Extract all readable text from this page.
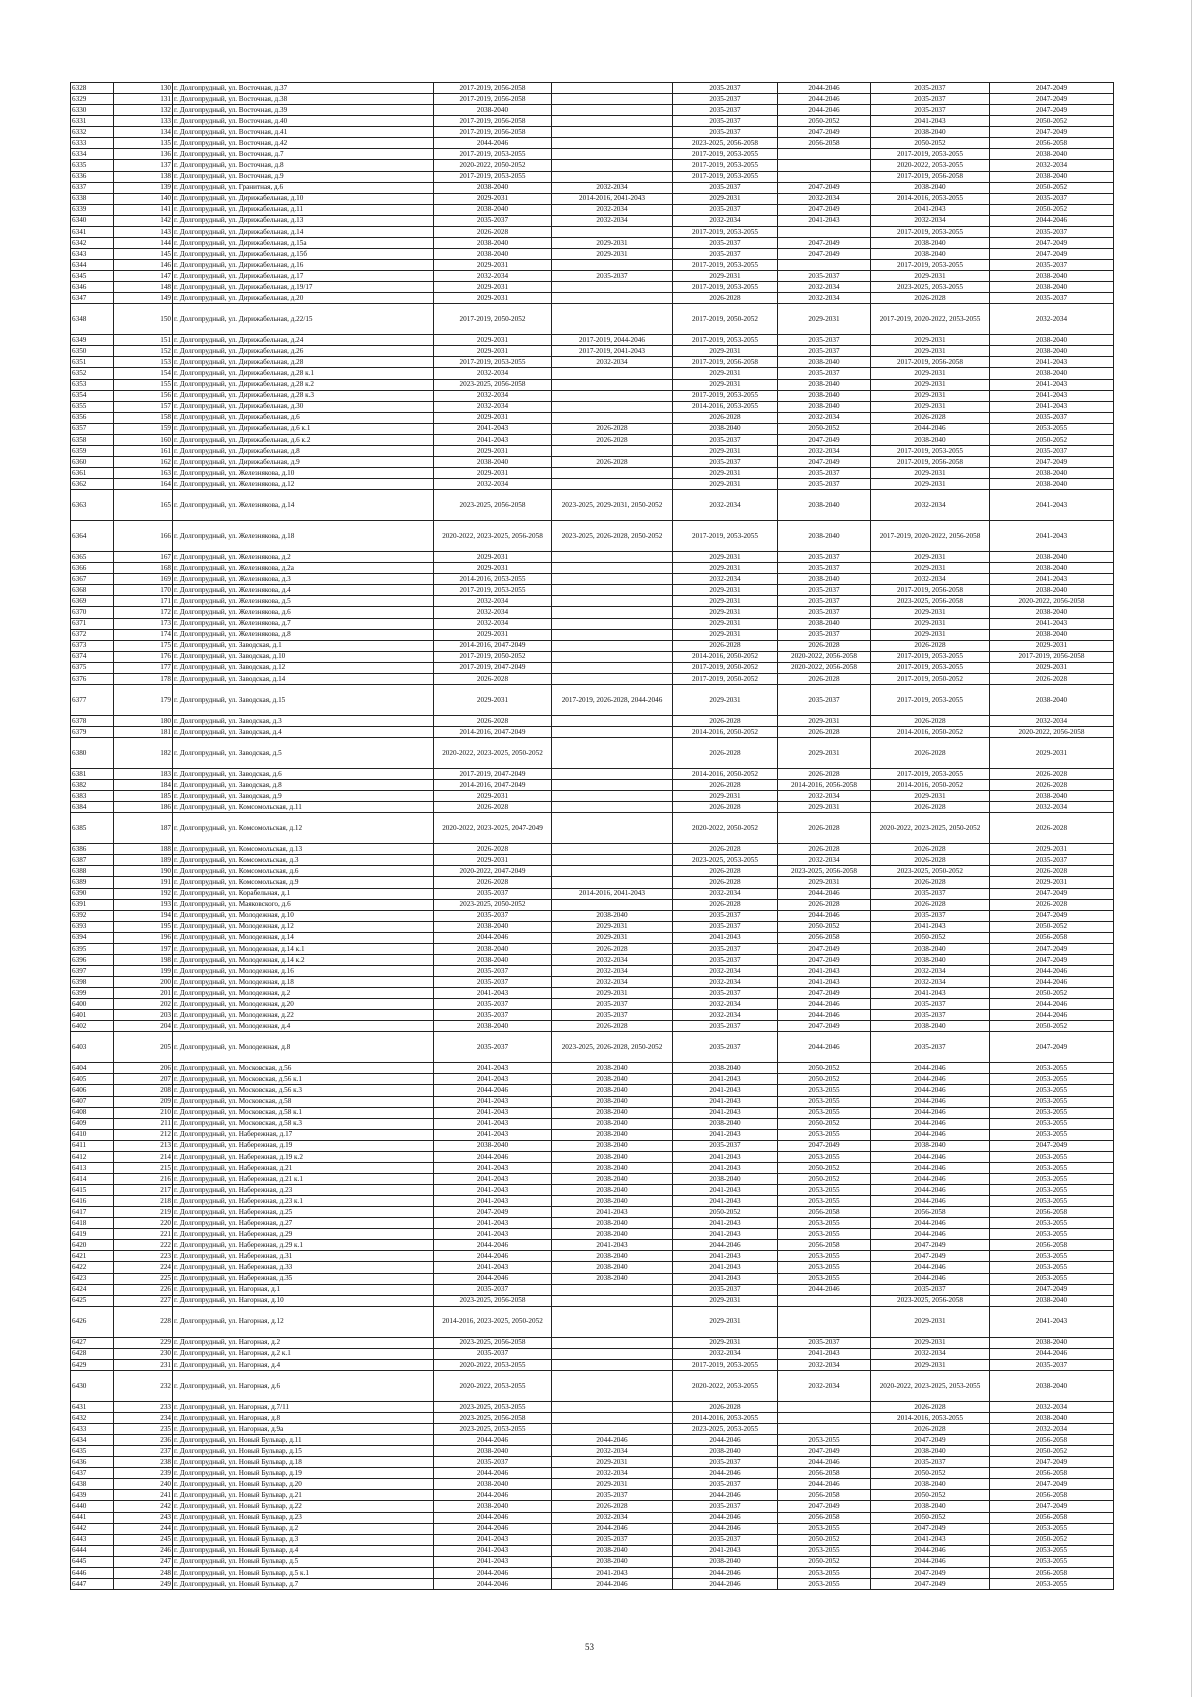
6328	130	г. Долгопрудный, ул. Восточная, д.37	2017-2019, 2056-2058		2035-2037	2044-2046	2035-2037	2047-2049
6329	131	г. Долгопрудный, ул. Восточная, д.38	2017-2019, 2056-2058		2035-2037	2044-2046	2035-2037	2047-2049
6330	132	г. Долгопрудный, ул. Восточная, д.39	2038-2040		2035-2037	2044-2046	2035-2037	2047-2049
6331	133	г. Долгопрудный, ул. Восточная, д.40	2017-2019, 2056-2058		2035-2037	2050-2052	2041-2043	2050-2052
6332	134	г. Долгопрудный, ул. Восточная, д.41	2017-2019, 2056-2058		2035-2037	2047-2049	2038-2040	2047-2049
6333	135	г. Долгопрудный, ул. Восточная, д.42	2044-2046		2023-2025, 2056-2058	2056-2058	2050-2052	2056-2058
6334	136	г. Долгопрудный, ул. Восточная, д.7	2017-2019, 2053-2055		2017-2019, 2053-2055		2017-2019, 2053-2055	2038-2040
6335	137	г. Долгопрудный, ул. Восточная, д.8	2020-2022, 2050-2052		2017-2019, 2053-2055		2020-2022, 2053-2055	2032-2034
6336	138	г. Долгопрудный, ул. Восточная, д.9	2017-2019, 2053-2055		2017-2019, 2053-2055		2017-2019, 2056-2058	2038-2040
6337	139	г. Долгопрудный, ул. Гранитная, д.6	2038-2040	2032-2034	2035-2037	2047-2049	2038-2040	2050-2052
6338	140	г. Долгопрудный, ул. Дирижабельная, д.10	2029-2031	2014-2016, 2041-2043	2029-2031	2032-2034	2014-2016, 2053-2055	2035-2037
6339	141	г. Долгопрудный, ул. Дирижабельная, д.11	2038-2040	2032-2034	2035-2037	2047-2049	2041-2043	2050-2052
6340	142	г. Долгопрудный, ул. Дирижабельная, д.13	2035-2037	2032-2034	2032-2034	2041-2043	2032-2034	2044-2046
6341	143	г. Долгопрудный, ул. Дирижабельная, д.14	2026-2028		2017-2019, 2053-2055		2017-2019, 2053-2055	2035-2037
6342	144	г. Долгопрудный, ул. Дирижабельная, д.15а	2038-2040	2029-2031	2035-2037	2047-2049	2038-2040	2047-2049
6343	145	г. Долгопрудный, ул. Дирижабельная, д.15б	2038-2040	2029-2031	2035-2037	2047-2049	2038-2040	2047-2049
6344	146	г. Долгопрудный, ул. Дирижабельная, д.16	2029-2031		2017-2019, 2053-2055		2017-2019, 2053-2055	2035-2037
6345	147	г. Долгопрудный, ул. Дирижабельная, д.17	2032-2034	2035-2037	2029-2031	2035-2037	2029-2031	2038-2040
6346	148	г. Долгопрудный, ул. Дирижабельная, д.19/17	2029-2031		2017-2019, 2053-2055	2032-2034	2023-2025, 2053-2055	2038-2040
6347	149	г. Долгопрудный, ул. Дирижабельная, д.20	2029-2031		2026-2028	2032-2034	2026-2028	2035-2037
6348	150	г. Долгопрудный, ул. Дирижабельная, д.22/15	2017-2019, 2050-2052		2017-2019, 2050-2052	2029-2031	2017-2019, 2020-2022, 2053-2055	2032-2034
6349	151	г. Долгопрудный, ул. Дирижабельная, д.24	2029-2031	2017-2019, 2044-2046	2017-2019, 2053-2055	2035-2037	2029-2031	2038-2040
6350	152	г. Долгопрудный, ул. Дирижабельная, д.26	2029-2031	2017-2019, 2041-2043	2029-2031	2035-2037	2029-2031	2038-2040
6351	153	г. Долгопрудный, ул. Дирижабельная, д.28	2017-2019, 2053-2055	2032-2034	2017-2019, 2056-2058	2038-2040	2017-2019, 2056-2058	2041-2043
6352	154	г. Долгопрудный, ул. Дирижабельная, д.28 к.1	2032-2034		2029-2031	2035-2037	2029-2031	2038-2040
6353	155	г. Долгопрудный, ул. Дирижабельная, д.28 к.2	2023-2025, 2056-2058		2029-2031	2038-2040	2029-2031	2041-2043
6354	156	г. Долгопрудный, ул. Дирижабельная, д.28 к.3	2032-2034		2017-2019, 2053-2055	2038-2040	2029-2031	2041-2043
6355	157	г. Долгопрудный, ул. Дирижабельная, д.30	2032-2034		2014-2016, 2053-2055	2038-2040	2029-2031	2041-2043
6356	158	г. Долгопрудный, ул. Дирижабельная, д.6	2029-2031		2026-2028	2032-2034	2026-2028	2035-2037
6357	159	г. Долгопрудный, ул. Дирижабельная, д.6 к.1	2041-2043	2026-2028	2038-2040	2050-2052	2044-2046	2053-2055
6358	160	г. Долгопрудный, ул. Дирижабельная, д.6 к.2	2041-2043	2026-2028	2035-2037	2047-2049	2038-2040	2050-2052
6359	161	г. Долгопрудный, ул. Дирижабельная, д.8	2029-2031		2029-2031	2032-2034	2017-2019, 2053-2055	2035-2037
6360	162	г. Долгопрудный, ул. Дирижабельная, д.9	2038-2040	2026-2028	2035-2037	2047-2049	2017-2019, 2056-2058	2047-2049
6361	163	г. Долгопрудный, ул. Железнякова, д.10	2029-2031		2029-2031	2035-2037	2029-2031	2038-2040
6362	164	г. Долгопрудный, ул. Железнякова, д.12	2032-2034		2029-2031	2035-2037	2029-2031	2038-2040
6363	165	г. Долгопрудный, ул. Железнякова, д.14	2023-2025, 2056-2058	2023-2025, 2029-2031, 2050-2052	2032-2034	2038-2040	2032-2034	2041-2043
6364	166	г. Долгопрудный, ул. Железнякова, д.18	2020-2022, 2023-2025, 2056-2058	2023-2025, 2026-2028, 2050-2052	2017-2019, 2053-2055	2038-2040	2017-2019, 2020-2022, 2056-2058	2041-2043
6365	167	г. Долгопрудный, ул. Железнякова, д.2	2029-2031		2029-2031	2035-2037	2029-2031	2038-2040
6366	168	г. Долгопрудный, ул. Железнякова, д.2а	2029-2031		2029-2031	2035-2037	2029-2031	2038-2040
6367	169	г. Долгопрудный, ул. Железнякова, д.3	2014-2016, 2053-2055		2032-2034	2038-2040	2032-2034	2041-2043
6368	170	г. Долгопрудный, ул. Железнякова, д.4	2017-2019, 2053-2055		2029-2031	2035-2037	2017-2019, 2056-2058	2038-2040
6369	171	г. Долгопрудный, ул. Железнякова, д.5	2032-2034		2029-2031	2035-2037	2023-2025, 2056-2058	2020-2022, 2056-2058
6370	172	г. Долгопрудный, ул. Железнякова, д.6	2032-2034		2029-2031	2035-2037	2029-2031	2038-2040
6371	173	г. Долгопрудный, ул. Железнякова, д.7	2032-2034		2029-2031	2038-2040	2029-2031	2041-2043
6372	174	г. Долгопрудный, ул. Железнякова, д.8	2029-2031		2029-2031	2035-2037	2029-2031	2038-2040
6373	175	г. Долгопрудный, ул. Заводская, д.1	2014-2016, 2047-2049		2026-2028	2026-2028	2026-2028	2029-2031
6374	176	г. Долгопрудный, ул. Заводская, д.10	2017-2019, 2050-2052		2014-2016, 2050-2052	2020-2022, 2056-2058	2017-2019, 2053-2055	2017-2019, 2056-2058
6375	177	г. Долгопрудный, ул. Заводская, д.12	2017-2019, 2047-2049		2017-2019, 2050-2052	2020-2022, 2056-2058	2017-2019, 2053-2055	2029-2031
6376	178	г. Долгопрудный, ул. Заводская, д.14	2026-2028		2017-2019, 2050-2052	2026-2028	2017-2019, 2050-2052	2026-2028
6377	179	г. Долгопрудный, ул. Заводская, д.15	2029-2031	2017-2019, 2026-2028, 2044-2046	2029-2031	2035-2037	2017-2019, 2053-2055	2038-2040
6378	180	г. Долгопрудный, ул. Заводская, д.3	2026-2028		2026-2028	2029-2031	2026-2028	2032-2034
6379	181	г. Долгопрудный, ул. Заводская, д.4	2014-2016, 2047-2049		2014-2016, 2050-2052	2026-2028	2014-2016, 2050-2052	2020-2022, 2056-2058
6380	182	г. Долгопрудный, ул. Заводская, д.5	2020-2022, 2023-2025, 2050-2052		2026-2028	2029-2031	2026-2028	2029-2031
6381	183	г. Долгопрудный, ул. Заводская, д.6	2017-2019, 2047-2049		2014-2016, 2050-2052	2026-2028	2017-2019, 2053-2055	2026-2028
6382	184	г. Долгопрудный, ул. Заводская, д.8	2014-2016, 2047-2049		2026-2028	2014-2016, 2056-2058	2014-2016, 2050-2052	2026-2028
6383	185	г. Долгопрудный, ул. Заводская, д.9	2029-2031		2029-2031	2032-2034	2029-2031	2038-2040
6384	186	г. Долгопрудный, ул. Комсомольская, д.11	2026-2028		2026-2028	2029-2031	2026-2028	2032-2034
6385	187	г. Долгопрудный, ул. Комсомольская, д.12	2020-2022, 2023-2025, 2047-2049		2020-2022, 2050-2052	2026-2028	2020-2022, 2023-2025, 2050-2052	2026-2028
6386	188	г. Долгопрудный, ул. Комсомольская, д.13	2026-2028		2026-2028	2026-2028	2026-2028	2029-2031
6387	189	г. Долгопрудный, ул. Комсомольская, д.3	2029-2031		2023-2025, 2053-2055	2032-2034	2026-2028	2035-2037
6388	190	г. Долгопрудный, ул. Комсомольская, д.6	2020-2022, 2047-2049		2026-2028	2023-2025, 2056-2058	2023-2025, 2050-2052	2026-2028
6389	191	г. Долгопрудный, ул. Комсомольская, д.9	2026-2028		2026-2028	2029-2031	2026-2028	2029-2031
6390	192	г. Долгопрудный, ул. Корабельная, д.1	2035-2037	2014-2016, 2041-2043	2032-2034	2044-2046	2035-2037	2047-2049
6391	193	г. Долгопрудный, ул. Маяковского, д.6	2023-2025, 2050-2052		2026-2028	2026-2028	2026-2028	2026-2028
6392	194	г. Долгопрудный, ул. Молодежная, д.10	2035-2037	2038-2040	2035-2037	2044-2046	2035-2037	2047-2049
6393	195	г. Долгопрудный, ул. Молодежная, д.12	2038-2040	2029-2031	2035-2037	2050-2052	2041-2043	2050-2052
6394	196	г. Долгопрудный, ул. Молодежная, д.14	2044-2046	2029-2031	2041-2043	2056-2058	2050-2052	2056-2058
6395	197	г. Долгопрудный, ул. Молодежная, д.14 к.1	2038-2040	2026-2028	2035-2037	2047-2049	2038-2040	2047-2049
6396	198	г. Долгопрудный, ул. Молодежная, д.14 к.2	2038-2040	2032-2034	2035-2037	2047-2049	2038-2040	2047-2049
6397	199	г. Долгопрудный, ул. Молодежная, д.16	2035-2037	2032-2034	2032-2034	2041-2043	2032-2034	2044-2046
6398	200	г. Долгопрудный, ул. Молодежная, д.18	2035-2037	2032-2034	2032-2034	2041-2043	2032-2034	2044-2046
6399	201	г. Долгопрудный, ул. Молодежная, д.2	2041-2043	2029-2031	2035-2037	2047-2049	2041-2043	2050-2052
6400	202	г. Долгопрудный, ул. Молодежная, д.20	2035-2037	2035-2037	2032-2034	2044-2046	2035-2037	2044-2046
6401	203	г. Долгопрудный, ул. Молодежная, д.22	2035-2037	2035-2037	2032-2034	2044-2046	2035-2037	2044-2046
6402	204	г. Долгопрудный, ул. Молодежная, д.4	2038-2040	2026-2028	2035-2037	2047-2049	2038-2040	2050-2052
6403	205	г. Долгопрудный, ул. Молодежная, д.8	2035-2037	2023-2025, 2026-2028, 2050-2052	2035-2037	2044-2046	2035-2037	2047-2049
6404	206	г. Долгопрудный, ул. Московская, д.56	2041-2043	2038-2040	2038-2040	2050-2052	2044-2046	2053-2055
6405	207	г. Долгопрудный, ул. Московская, д.56 к.1	2041-2043	2038-2040	2041-2043	2050-2052	2044-2046	2053-2055
6406	208	г. Долгопрудный, ул. Московская, д.56 к.3	2044-2046	2038-2040	2041-2043	2053-2055	2044-2046	2053-2055
6407	209	г. Долгопрудный, ул. Московская, д.58	2041-2043	2038-2040	2041-2043	2053-2055	2044-2046	2053-2055
6408	210	г. Долгопрудный, ул. Московская, д.58 к.1	2041-2043	2038-2040	2041-2043	2053-2055	2044-2046	2053-2055
6409	211	г. Долгопрудный, ул. Московская, д.58 к.3	2041-2043	2038-2040	2038-2040	2050-2052	2044-2046	2053-2055
6410	212	г. Долгопрудный, ул. Набережная, д.17	2041-2043	2038-2040	2041-2043	2053-2055	2044-2046	2053-2055
6411	213	г. Долгопрудный, ул. Набережная, д.19	2038-2040	2038-2040	2035-2037	2047-2049	2038-2040	2047-2049
6412	214	г. Долгопрудный, ул. Набережная, д.19 к.2	2044-2046	2038-2040	2041-2043	2053-2055	2044-2046	2053-2055
6413	215	г. Долгопрудный, ул. Набережная, д.21	2041-2043	2038-2040	2041-2043	2050-2052	2044-2046	2053-2055
6414	216	г. Долгопрудный, ул. Набережная, д.21 к.1	2041-2043	2038-2040	2038-2040	2050-2052	2044-2046	2053-2055
6415	217	г. Долгопрудный, ул. Набережная, д.23	2041-2043	2038-2040	2041-2043	2053-2055	2044-2046	2053-2055
6416	218	г. Долгопрудный, ул. Набережная, д.23 к.1	2041-2043	2038-2040	2041-2043	2053-2055	2044-2046	2053-2055
6417	219	г. Долгопрудный, ул. Набережная, д.25	2047-2049	2041-2043	2050-2052	2056-2058	2056-2058	2056-2058
6418	220	г. Долгопрудный, ул. Набережная, д.27	2041-2043	2038-2040	2041-2043	2053-2055	2044-2046	2053-2055
6419	221	г. Долгопрудный, ул. Набережная, д.29	2041-2043	2038-2040	2041-2043	2053-2055	2044-2046	2053-2055
6420	222	г. Долгопрудный, ул. Набережная, д.29 к.1	2044-2046	2041-2043	2044-2046	2056-2058	2047-2049	2056-2058
6421	223	г. Долгопрудный, ул. Набережная, д.31	2044-2046	2038-2040	2041-2043	2053-2055	2047-2049	2053-2055
6422	224	г. Долгопрудный, ул. Набережная, д.33	2041-2043	2038-2040	2041-2043	2053-2055	2044-2046	2053-2055
6423	225	г. Долгопрудный, ул. Набережная, д.35	2044-2046	2038-2040	2041-2043	2053-2055	2044-2046	2053-2055
6424	226	г. Долгопрудный, ул. Нагорная, д.1	2035-2037		2035-2037	2044-2046	2035-2037	2047-2049
6425	227	г. Долгопрудный, ул. Нагорная, д.10	2023-2025, 2056-2058		2029-2031		2023-2025, 2056-2058	2038-2040
6426	228	г. Долгопрудный, ул. Нагорная, д.12	2014-2016, 2023-2025, 2050-2052		2029-2031		2029-2031	2041-2043
6427	229	г. Долгопрудный, ул. Нагорная, д.2	2023-2025, 2056-2058		2029-2031	2035-2037	2029-2031	2038-2040
6428	230	г. Долгопрудный, ул. Нагорная, д.2 к.1	2035-2037		2032-2034	2041-2043	2032-2034	2044-2046
6429	231	г. Долгопрудный, ул. Нагорная, д.4	2020-2022, 2053-2055		2017-2019, 2053-2055	2032-2034	2029-2031	2035-2037
6430	232	г. Долгопрудный, ул. Нагорная, д.6	2020-2022, 2053-2055		2020-2022, 2053-2055	2032-2034	2020-2022, 2023-2025, 2053-2055	2038-2040
6431	233	г. Долгопрудный, ул. Нагорная, д.7/11	2023-2025, 2053-2055		2026-2028		2026-2028	2032-2034
6432	234	г. Долгопрудный, ул. Нагорная, д.8	2023-2025, 2056-2058		2014-2016, 2053-2055		2014-2016, 2053-2055	2038-2040
6433	235	г. Долгопрудный, ул. Нагорная, д.9а	2023-2025, 2053-2055		2023-2025, 2053-2055		2026-2028	2032-2034
6434	236	г. Долгопрудный, ул. Новый Бульвар, д.11	2044-2046	2044-2046	2044-2046	2053-2055	2047-2049	2056-2058
6435	237	г. Долгопрудный, ул. Новый Бульвар, д.15	2038-2040	2032-2034	2038-2040	2047-2049	2038-2040	2050-2052
6436	238	г. Долгопрудный, ул. Новый Бульвар, д.18	2035-2037	2029-2031	2035-2037	2044-2046	2035-2037	2047-2049
6437	239	г. Долгопрудный, ул. Новый Бульвар, д.19	2044-2046	2032-2034	2044-2046	2056-2058	2050-2052	2056-2058
6438	240	г. Долгопрудный, ул. Новый Бульвар, д.20	2038-2040	2029-2031	2035-2037	2044-2046	2038-2040	2047-2049
6439	241	г. Долгопрудный, ул. Новый Бульвар, д.21	2044-2046	2035-2037	2044-2046	2056-2058	2050-2052	2056-2058
6440	242	г. Долгопрудный, ул. Новый Бульвар, д.22	2038-2040	2026-2028	2035-2037	2047-2049	2038-2040	2047-2049
6441	243	г. Долгопрудный, ул. Новый Бульвар, д.23	2044-2046	2032-2034	2044-2046	2056-2058	2050-2052	2056-2058
6442	244	г. Долгопрудный, ул. Новый Бульвар, д.2	2044-2046	2044-2046	2044-2046	2053-2055	2047-2049	2053-2055
6443	245	г. Долгопрудный, ул. Новый Бульвар, д.3	2041-2043	2035-2037	2035-2037	2050-2052	2041-2043	2050-2052
6444	246	г. Долгопрудный, ул. Новый Бульвар, д.4	2041-2043	2038-2040	2041-2043	2053-2055	2044-2046	2053-2055
6445	247	г. Долгопрудный, ул. Новый Бульвар, д.5	2041-2043	2038-2040	2038-2040	2050-2052	2044-2046	2053-2055
6446	248	г. Долгопрудный, ул. Новый Бульвар, д.5 к.1	2044-2046	2041-2043	2044-2046	2053-2055	2047-2049	2056-2058
6447	249	г. Долгопрудный, ул. Новый Бульвар, д.7	2044-2046	2044-2046	2044-2046	2053-2055	2047-2049	2053-2055
53
